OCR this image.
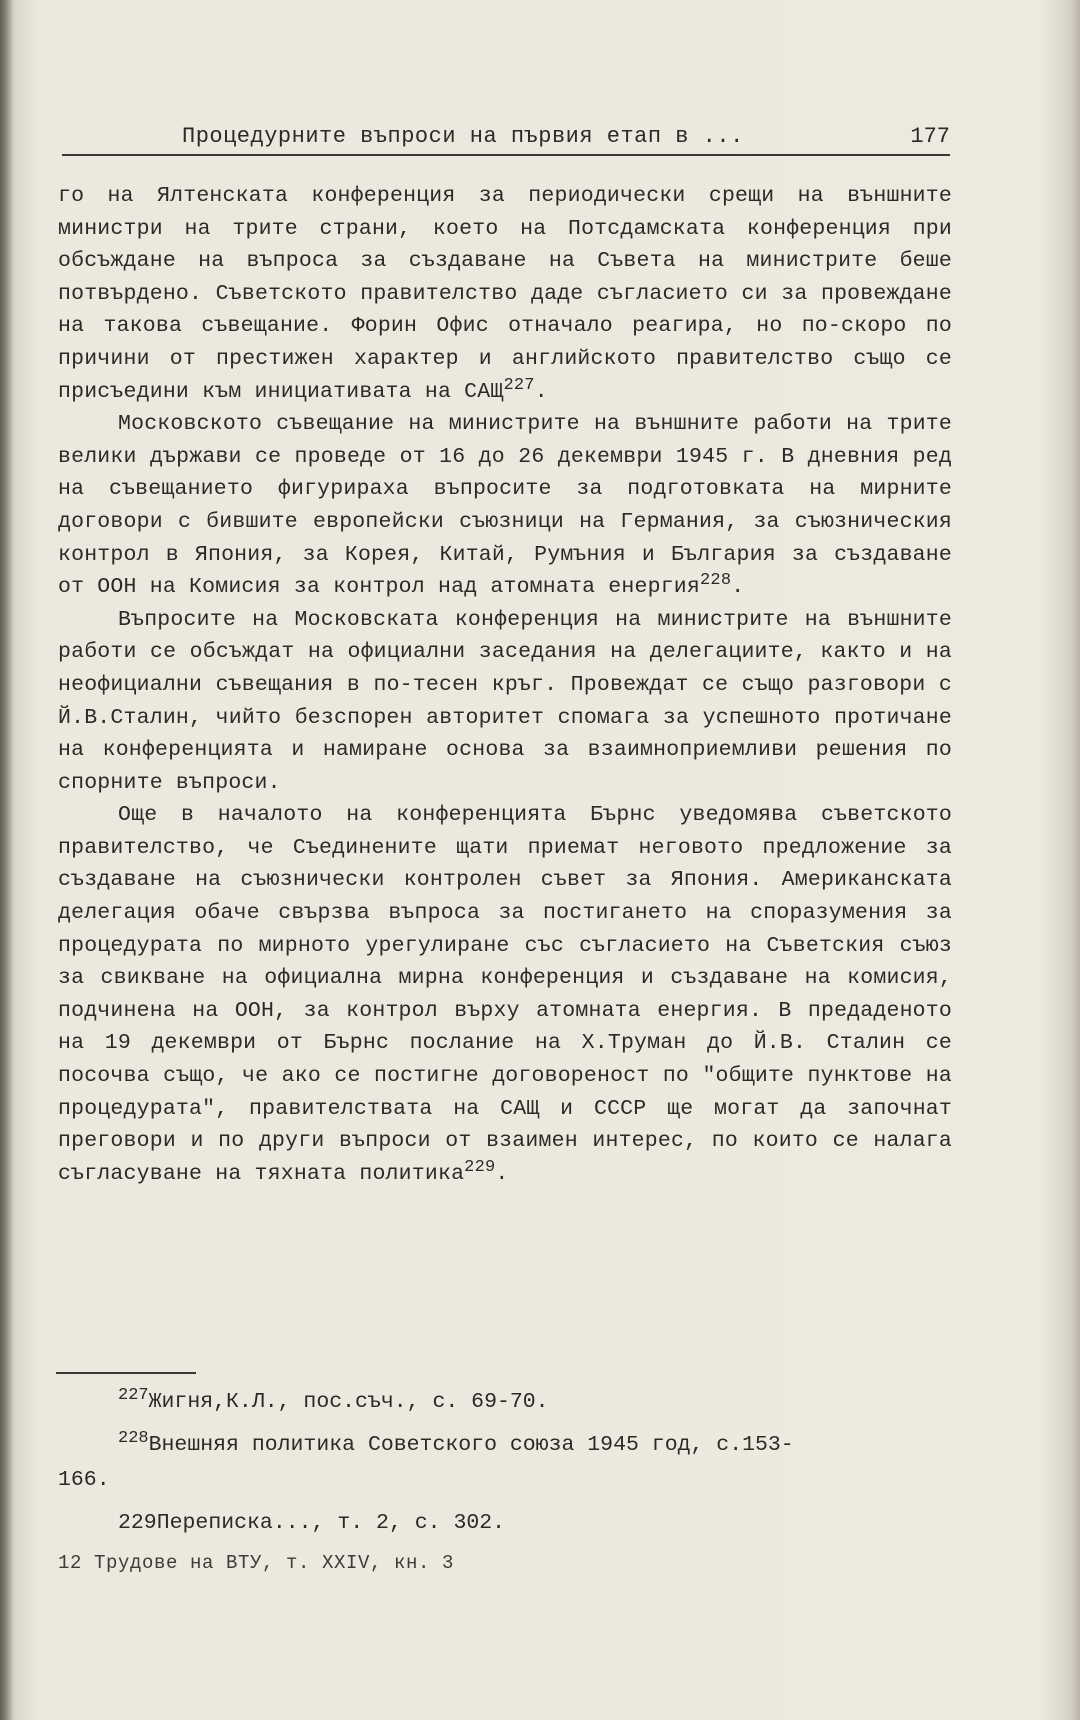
Процедурните въпроси на първия етап в ...	177

го на Ялтенската конференция за периодически срещи на външните министри на трите страни, което на Потсдамската конференция при обсъждане на въпроса за създаване на Съвета на министрите беше потвърдено. Съветското правителство даде съгласието си за провеждане на такова съвещание. Форин Офис отначало реагира, но по-скоро по причини от престижен характер и английското правителство също се присъедини към инициативата на САЩ$^{227}$.

Московското съвещание на министрите на външните работи на трите велики държави се проведе от 16 до 26 декември 1945 г. В дневния ред на съвещанието фигурираха въпросите за подготовката на мирните договори с бившите европейски съюзници на Германия, за съюзническия контрол в Япония, за Корея, Китай, Румъния и България за създаване от ООН на Комисия за контрол над атомната енергия$^{228}$.

Въпросите на Московската конференция на министрите на външните работи се обсъждат на официални заседания на делегациите, както и на неофициални съвещания в по-тесен кръг. Провеждат се също разговори с Й.В.Сталин, чийто безспорен авторитет спомага за успешното протичане на конференцията и намиране основа за взаимноприемливи решения по спорните въпроси.

Още в началото на конференцията Бърнс уведомява съветското правителство, че Съединените щати приемат неговото предложение за създаване на съюзнически контролен съвет за Япония. Американската делегация обаче свързва въпроса за постигането на споразумения за процедурата по мирното урегулиране със съгласието на Съветския съюз за свикване на официална мирна конференция и създаване на комисия, подчинена на ООН, за контрол върху атомната енергия. В предаденото на 19 декември от Бърнс послание на Х.Труман до Й.В. Сталин се посочва също, че ако се постигне договореност по "общите пунктове на процедурата", правителствата на САЩ и СССР ще могат да започнат преговори и по други въпроси от взаимен интерес, по които се налага съгласуване на тяхната политика$^{229}$.

$^{227}$Жигня,К.Л., пос.съч., с. 69-70.

$^{228}$Внешняя политика Советского союза 1945 год, с.153-
166.

229Переписка..., т. 2, с. 302.

12 Трудове на ВТУ, т. XXIV, кн. 3
